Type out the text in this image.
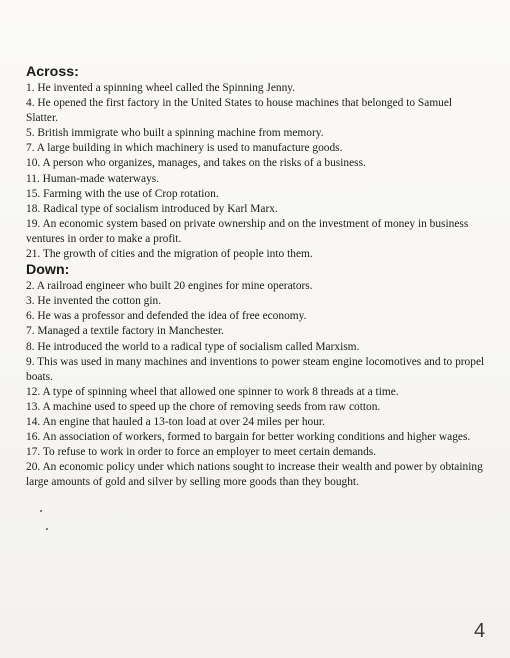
Across:
1. He invented a spinning wheel called the Spinning Jenny.
4. He opened the first factory in the United States to house machines that belonged to Samuel Slatter.
5. British immigrate who built a spinning machine from memory.
7. A large building in which machinery is used to manufacture goods.
10. A person who organizes, manages, and takes on the risks of a business.
11. Human-made waterways.
15. Farming with the use of Crop rotation.
18. Radical type of socialism introduced by Karl Marx.
19. An economic system based on private ownership and on the investment of money in business ventures in order to make a profit.
21. The growth of cities and the migration of people into them.
Down:
2. A railroad engineer who built 20 engines for mine operators.
3. He invented the cotton gin.
6. He was a professor and defended the idea of free economy.
7. Managed a textile factory in Manchester.
8. He introduced the world to a radical type of socialism called Marxism.
9. This was used in many machines and inventions to power steam engine locomotives and to propel boats.
12. A type of spinning wheel that allowed one spinner to work 8 threads at a time.
13. A machine used to speed up the chore of removing seeds from raw cotton.
14. An engine that hauled a 13-ton load at over 24 miles per hour.
16. An association of workers, formed to bargain for better working conditions and higher wages.
17. To refuse to work in order to force an employer to meet certain demands.
20. An economic policy under which nations sought to increase their wealth and power by obtaining large amounts of gold and silver by selling more goods than they bought.
4
